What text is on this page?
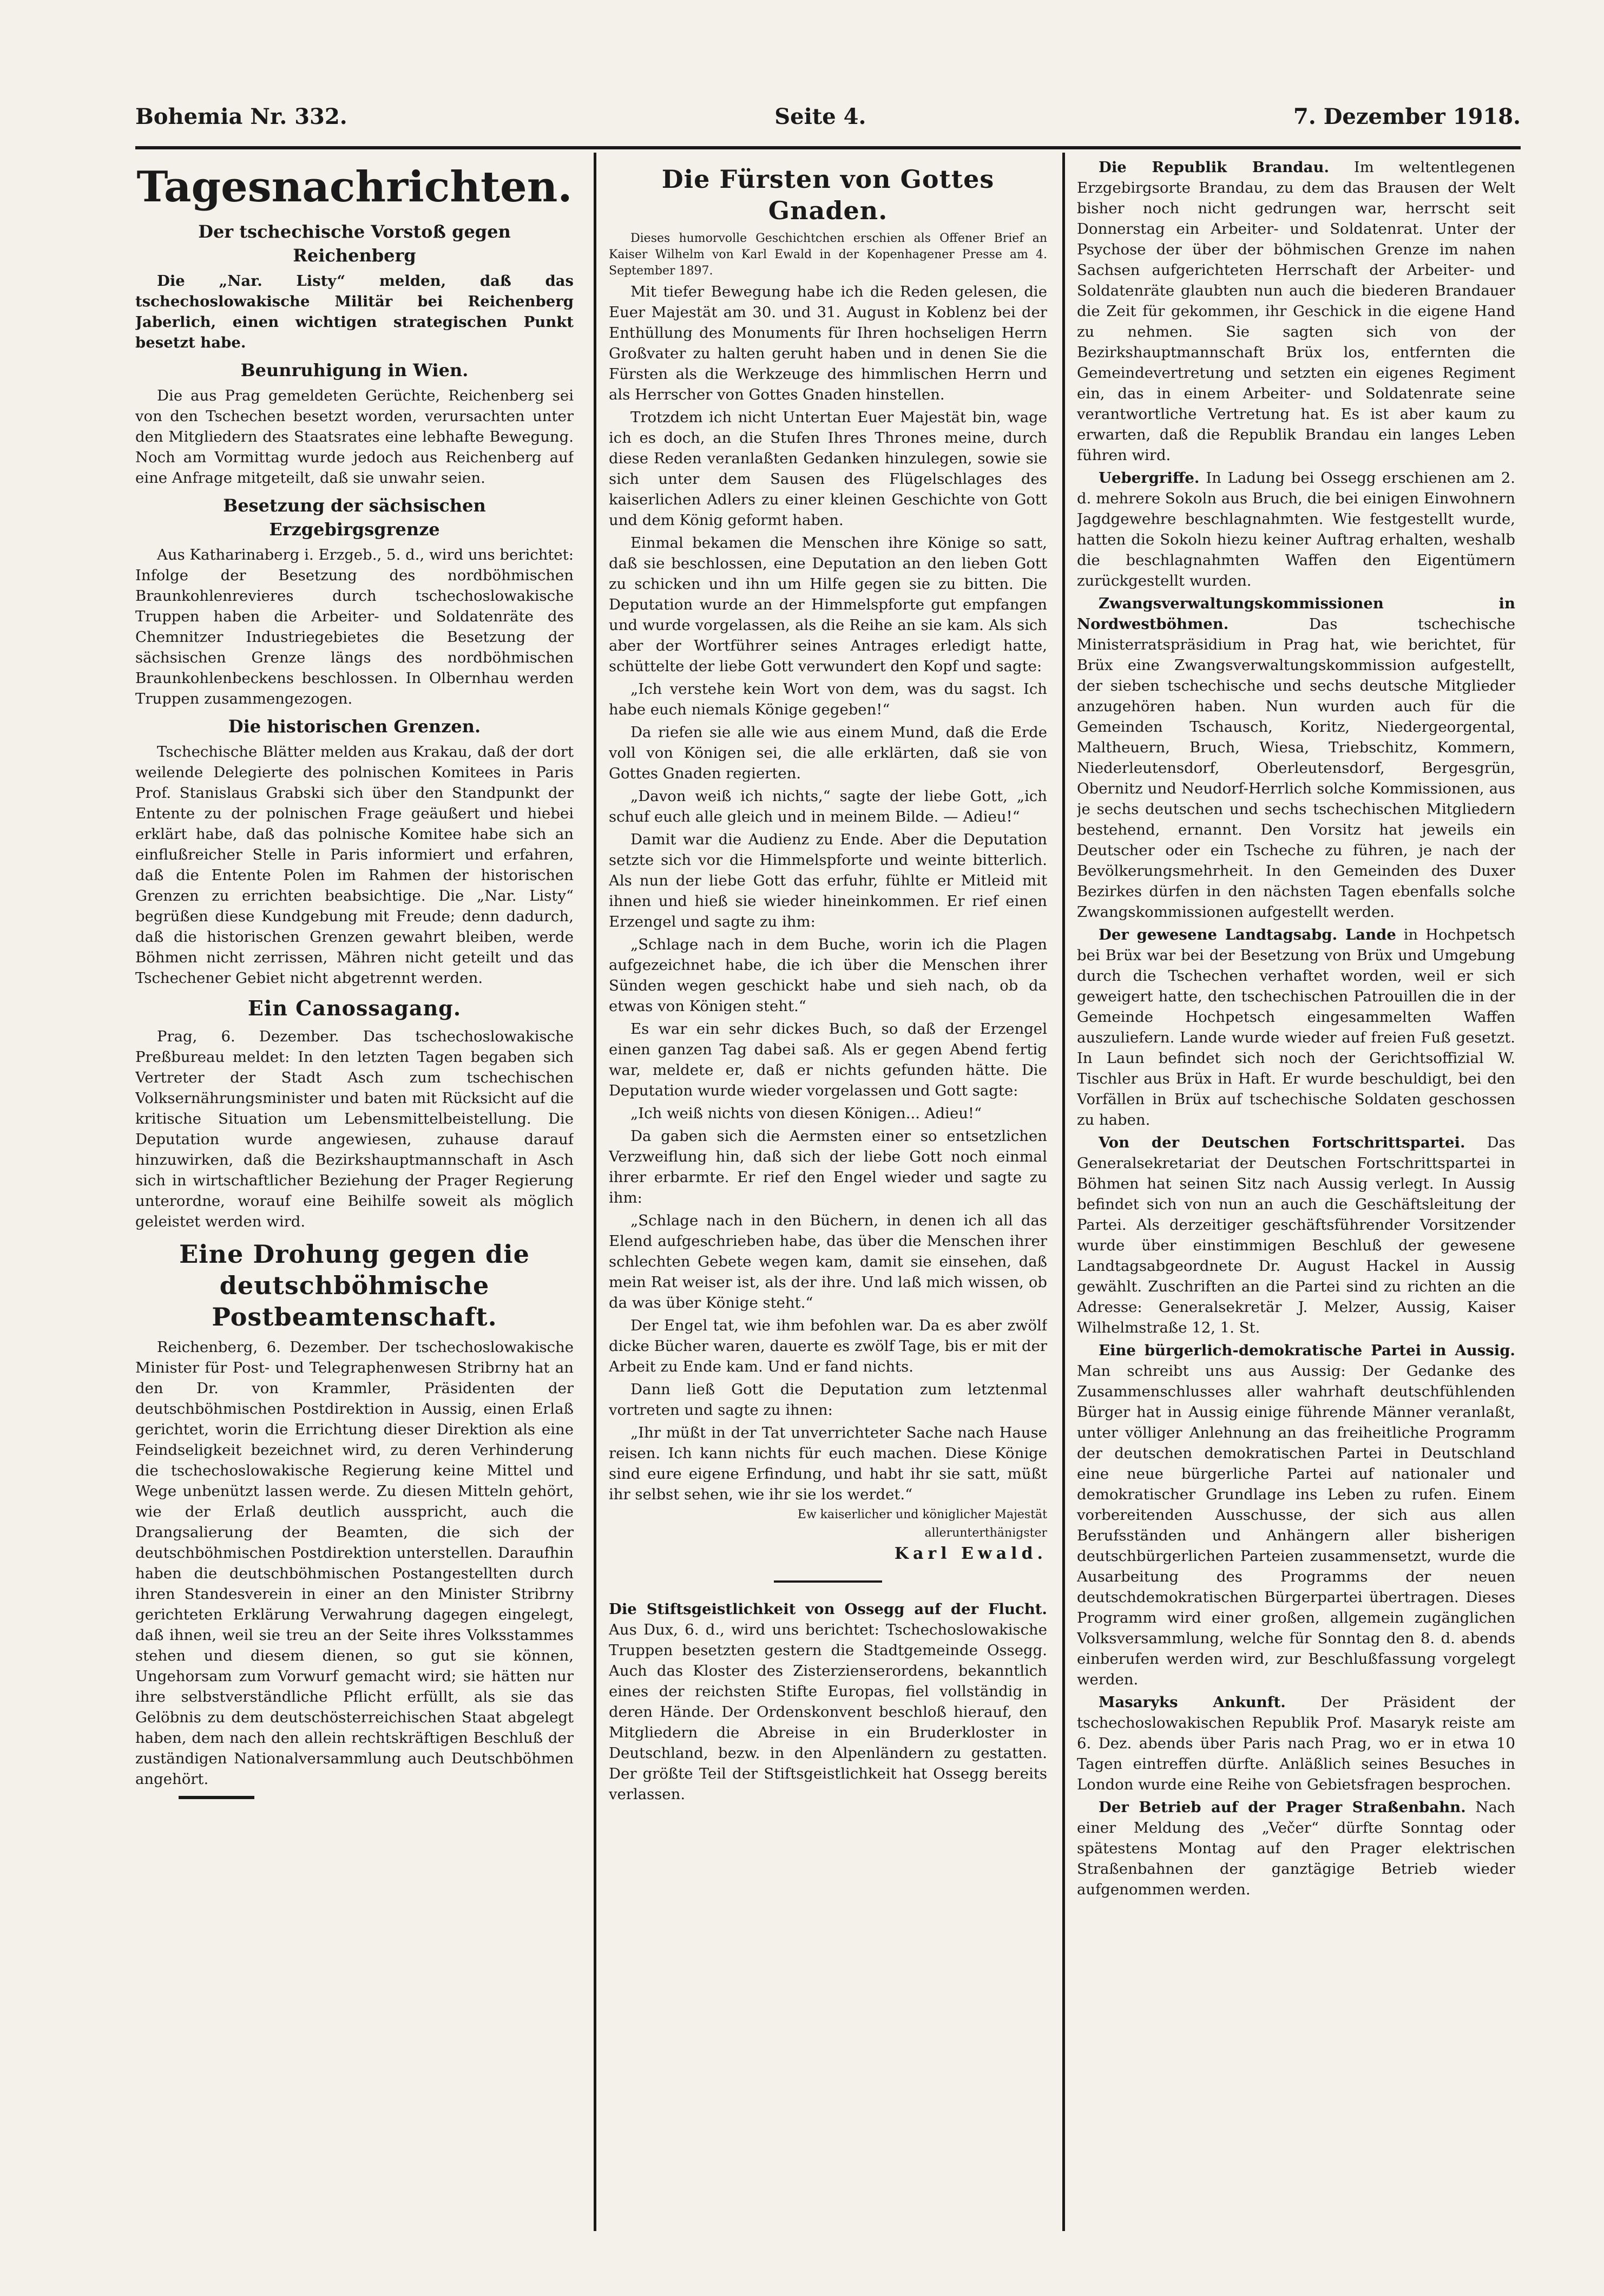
Bohemia Nr. 332.	Seite 4.	7. Dezember 1918.
Tagesnachrichten.
Der tschechische Vorstoß gegen Reichenberg

Die „Nar. Listy“ melden, daß das tschechoslowakische Militär bei Reichenberg Jaberlich, einen wichtigen strategischen Punkt besetzt habe.

Beunruhigung in Wien.

Die aus Prag gemeldeten Gerüchte, Reichenberg sei von den Tschechen besetzt worden, verursachten unter den Mitgliedern des Staatsrates eine lebhafte Bewegung. Noch am Vormittag wurde jedoch aus Reichenberg auf eine Anfrage mitgeteilt, daß sie unwahr seien.

Besetzung der sächsischen Erzgebirgsgrenze

Aus Katharinaberg i. Erzgeb., 5. d., wird uns berichtet: Infolge der Besetzung des nordböhmischen Braunkohlenrevieres durch tschechoslowakische Truppen haben die Arbeiter- und Soldatenräte des Chemnitzer Industriegebietes die Besetzung der sächsischen Grenze längs des nordböhmischen Braunkohlenbeckens beschlossen. In Olbernhau werden Truppen zusammengezogen.

Die historischen Grenzen.

Tschechische Blätter melden aus Krakau, daß der dort weilende Delegierte des polnischen Komitees in Paris Prof. Stanislaus Grabski sich über den Standpunkt der Entente zu der polnischen Frage geäußert und hiebei erklärt habe, daß das polnische Komitee habe sich an einflußreicher Stelle in Paris informiert und erfahren, daß die Entente Polen im Rahmen der historischen Grenzen zu errichten beabsichtige. Die „Nar. Listy“ begrüßen diese Kundgebung mit Freude; denn dadurch, daß die historischen Grenzen gewahrt bleiben, werde Böhmen nicht zerrissen, Mähren nicht geteilt und das Tschechener Gebiet nicht abgetrennt werden.

Ein Canossagang.

Prag, 6. Dezember. Das tschechoslowakische Preßbureau meldet: In den letzten Tagen begaben sich Vertreter der Stadt Asch zum tschechischen Volksernährungsminister und baten mit Rücksicht auf die kritische Situation um Lebensmittelbeistellung. Die Deputation wurde angewiesen, zuhause darauf hinzuwirken, daß die Bezirkshauptmannschaft in Asch sich in wirtschaftlicher Beziehung der Prager Regierung unterordne, worauf eine Beihilfe soweit als möglich geleistet werden wird.

Eine Drohung gegen die deutschböhmische Postbeamtenschaft.

Reichenberg, 6. Dezember. Der tschechoslowakische Minister für Post- und Telegraphenwesen Stribrny hat an den Dr. von Krammler, Präsidenten der deutschböhmischen Postdirektion in Aussig, einen Erlaß gerichtet, worin die Errichtung dieser Direktion als eine Feindseligkeit bezeichnet wird, zu deren Verhinderung die tschechoslowakische Regierung keine Mittel und Wege unbenützt lassen werde. Zu diesen Mitteln gehört, wie der Erlaß deutlich ausspricht, auch die Drangsalierung der Beamten, die sich der deutschböhmischen Postdirektion unterstellen. Daraufhin haben die deutschböhmischen Postangestellten durch ihren Standesverein in einer an den Minister Stribrny gerichteten Erklärung Verwahrung dagegen eingelegt, daß ihnen, weil sie treu an der Seite ihres Volksstammes stehen und diesem dienen, so gut sie können, Ungehorsam zum Vorwurf gemacht wird; sie hätten nur ihre selbstverständliche Pflicht erfüllt, als sie das Gelöbnis zu dem deutschösterreichischen Staat abgelegt haben, dem nach den allein rechtskräftigen Beschluß der zuständigen Nationalversammlung auch Deutschböhmen angehört.

Die Fürsten von Gottes Gnaden.

Dieses humorvolle Geschichtchen erschien als Offener Brief an Kaiser Wilhelm von Karl Ewald in der Kopenhagener Presse am 4. September 1897.

Mit tiefer Bewegung habe ich die Reden gelesen, die Euer Majestät am 30. und 31. August in Koblenz bei der Enthüllung des Monuments für Ihren hochseligen Herrn Großvater zu halten geruht haben und in denen Sie die Fürsten als die Werkzeuge des himmlischen Herrn und als Herrscher von Gottes Gnaden hinstellen.

Trotzdem ich nicht Untertan Euer Majestät bin, wage ich es doch, an die Stufen Ihres Thrones meine, durch diese Reden veranlaßten Gedanken hinzulegen, sowie sie sich unter dem Sausen des Flügelschlages des kaiserlichen Adlers zu einer kleinen Geschichte von Gott und dem König geformt haben.

Einmal bekamen die Menschen ihre Könige so satt, daß sie beschlossen, eine Deputation an den lieben Gott zu schicken und ihn um Hilfe gegen sie zu bitten. Die Deputation wurde an der Himmelspforte gut empfangen und wurde vorgelassen, als die Reihe an sie kam. Als sich aber der Wortführer seines Antrages erledigt hatte, schüttelte der liebe Gott verwundert den Kopf und sagte:

„Ich verstehe kein Wort von dem, was du sagst. Ich habe euch niemals Könige gegeben!“

Da riefen sie alle wie aus einem Mund, daß die Erde voll von Königen sei, die alle erklärten, daß sie von Gottes Gnaden regierten.

„Davon weiß ich nichts,“ sagte der liebe Gott, „ich schuf euch alle gleich und in meinem Bilde. — Adieu!“

Damit war die Audienz zu Ende. Aber die Deputation setzte sich vor die Himmelspforte und weinte bitterlich. Als nun der liebe Gott das erfuhr, fühlte er Mitleid mit ihnen und hieß sie wieder hineinkommen. Er rief einen Erzengel und sagte zu ihm:

„Schlage nach in dem Buche, worin ich die Plagen aufgezeichnet habe, die ich über die Menschen ihrer Sünden wegen geschickt habe und sieh nach, ob da etwas von Königen steht.“

Es war ein sehr dickes Buch, so daß der Erzengel einen ganzen Tag dabei saß. Als er gegen Abend fertig war, meldete er, daß er nichts gefunden hätte. Die Deputation wurde wieder vorgelassen und Gott sagte:

„Ich weiß nichts von diesen Königen... Adieu!“

Da gaben sich die Aermsten einer so entsetzlichen Verzweiflung hin, daß sich der liebe Gott noch einmal ihrer erbarmte. Er rief den Engel wieder und sagte zu ihm:

„Schlage nach in den Büchern, in denen ich all das Elend aufgeschrieben habe, das über die Menschen ihrer schlechten Gebete wegen kam, damit sie einsehen, daß mein Rat weiser ist, als der ihre. Und laß mich wissen, ob da was über Könige steht.“

Der Engel tat, wie ihm befohlen war. Da es aber zwölf dicke Bücher waren, dauerte es zwölf Tage, bis er mit der Arbeit zu Ende kam. Und er fand nichts.

Dann ließ Gott die Deputation zum letztenmal vortreten und sagte zu ihnen:

„Ihr müßt in der Tat unverrichteter Sache nach Hause reisen. Ich kann nichts für euch machen. Diese Könige sind eure eigene Erfindung, und habt ihr sie satt, müßt ihr selbst sehen, wie ihr sie los werdet.“

Ew kaiserlicher und königlicher Majestät

allerunterthänigster

Karl Ewald.

Die Stiftsgeistlichkeit von Ossegg auf der Flucht. Aus Dux, 6. d., wird uns berichtet: Tschechoslowakische Truppen besetzten gestern die Stadtgemeinde Ossegg. Auch das Kloster des Zisterzienserordens, bekanntlich eines der reichsten Stifte Europas, fiel vollständig in deren Hände. Der Ordenskonvent beschloß hierauf, den Mitgliedern die Abreise in ein Bruderkloster in Deutschland, bezw. in den Alpenländern zu gestatten. Der größte Teil der Stiftsgeistlichkeit hat Ossegg bereits verlassen.

Die Republik Brandau. Im weltentlegenen Erzgebirgsorte Brandau, zu dem das Brausen der Welt bisher noch nicht gedrungen war, herrscht seit Donnerstag ein Arbeiter- und Soldatenrat. Unter der Psychose der über der böhmischen Grenze im nahen Sachsen aufgerichteten Herrschaft der Arbeiter- und Soldatenräte glaubten nun auch die biederen Brandauer die Zeit für gekommen, ihr Geschick in die eigene Hand zu nehmen. Sie sagten sich von der Bezirkshauptmannschaft Brüx los, entfernten die Gemeindevertretung und setzten ein eigenes Regiment ein, das in einem Arbeiter- und Soldatenrate seine verantwortliche Vertretung hat. Es ist aber kaum zu erwarten, daß die Republik Brandau ein langes Leben führen wird.

Uebergriffe. In Ladung bei Ossegg erschienen am 2. d. mehrere Sokoln aus Bruch, die bei einigen Einwohnern Jagdgewehre beschlagnahmten. Wie festgestellt wurde, hatten die Sokoln hiezu keiner Auftrag erhalten, weshalb die beschlagnahmten Waffen den Eigentümern zurückgestellt wurden.

Zwangsverwaltungskommissionen in Nordwestböhmen.	Das tschechische Ministerratspräsidium in Prag hat, wie berichtet, für Brüx eine Zwangsverwaltungskommission aufgestellt, der sieben tschechische und sechs deutsche Mitglieder anzugehören haben. Nun wurden auch für die Gemeinden Tschausch, Koritz, Niedergeorgental, Maltheuern, Bruch, Wiesa, Triebschitz, Kommern, Niederleutensdorf, Oberleutensdorf, Bergesgrün, Obernitz und Neudorf-Herrlich solche Kommissionen, aus je sechs deutschen und sechs tschechischen Mitgliedern bestehend, ernannt. Den Vorsitz hat jeweils ein Deutscher oder ein Tscheche zu führen, je nach der Bevölkerungsmehrheit. In den Gemeinden des Duxer Bezirkes dürfen in den nächsten Tagen ebenfalls solche Zwangskommissionen aufgestellt werden.

Der gewesene Landtagsabg. Lande in Hochpetsch bei Brüx war bei der Besetzung von Brüx und Umgebung durch die Tschechen verhaftet worden, weil er sich geweigert hatte, den tschechischen Patrouillen die in der Gemeinde Hochpetsch eingesammelten Waffen auszuliefern. Lande wurde wieder auf freien Fuß gesetzt. In Laun befindet sich noch der Gerichtsoffizial W. Tischler aus Brüx in Haft. Er wurde beschuldigt, bei den Vorfällen in Brüx auf tschechische Soldaten geschossen zu haben.

Von der Deutschen Fortschrittspartei. Das Generalsekretariat der Deutschen Fortschrittspartei in Böhmen hat seinen Sitz nach Aussig verlegt. In Aussig befindet sich von nun an auch die Geschäftsleitung der Partei. Als derzeitiger geschäftsführender Vorsitzender wurde über einstimmigen Beschluß der gewesene Landtagsabgeordnete Dr. August Hackel in Aussig gewählt. Zuschriften an die Partei sind zu richten an die Adresse: Generalsekretär J. Melzer, Aussig, Kaiser Wilhelmstraße 12, 1. St.

Eine bürgerlich-demokratische Partei in Aussig. Man schreibt uns aus Aussig: Der Gedanke des Zusammenschlusses aller wahrhaft deutschfühlenden Bürger hat in Aussig einige führende Männer veranlaßt, unter völliger Anlehnung an das freiheitliche Programm der deutschen demokratischen Partei in Deutschland eine neue bürgerliche Partei auf nationaler und demokratischer Grundlage ins Leben zu rufen. Einem vorbereitenden Ausschusse, der sich aus allen Berufsständen und Anhängern aller bisherigen deutschbürgerlichen Parteien zusammensetzt, wurde die Ausarbeitung des Programms der neuen deutschdemokratischen Bürgerpartei übertragen. Dieses Programm wird einer großen, allgemein zugänglichen Volksversammlung, welche für Sonntag den 8. d. abends einberufen werden wird, zur Beschlußfassung vorgelegt werden.

Masaryks Ankunft. Der Präsident der tschechoslowakischen Republik Prof. Masaryk reiste am 6. Dez. abends über Paris nach Prag, wo er in etwa 10 Tagen eintreffen dürfte. Anläßlich seines Besuches in London wurde eine Reihe von Gebietsfragen besprochen.

Der Betrieb auf der Prager Straßenbahn. Nach einer Meldung des „Večer“ dürfte Sonntag oder spätestens Montag auf den Prager elektrischen Straßenbahnen der ganztägige Betrieb wieder aufgenommen werden.
